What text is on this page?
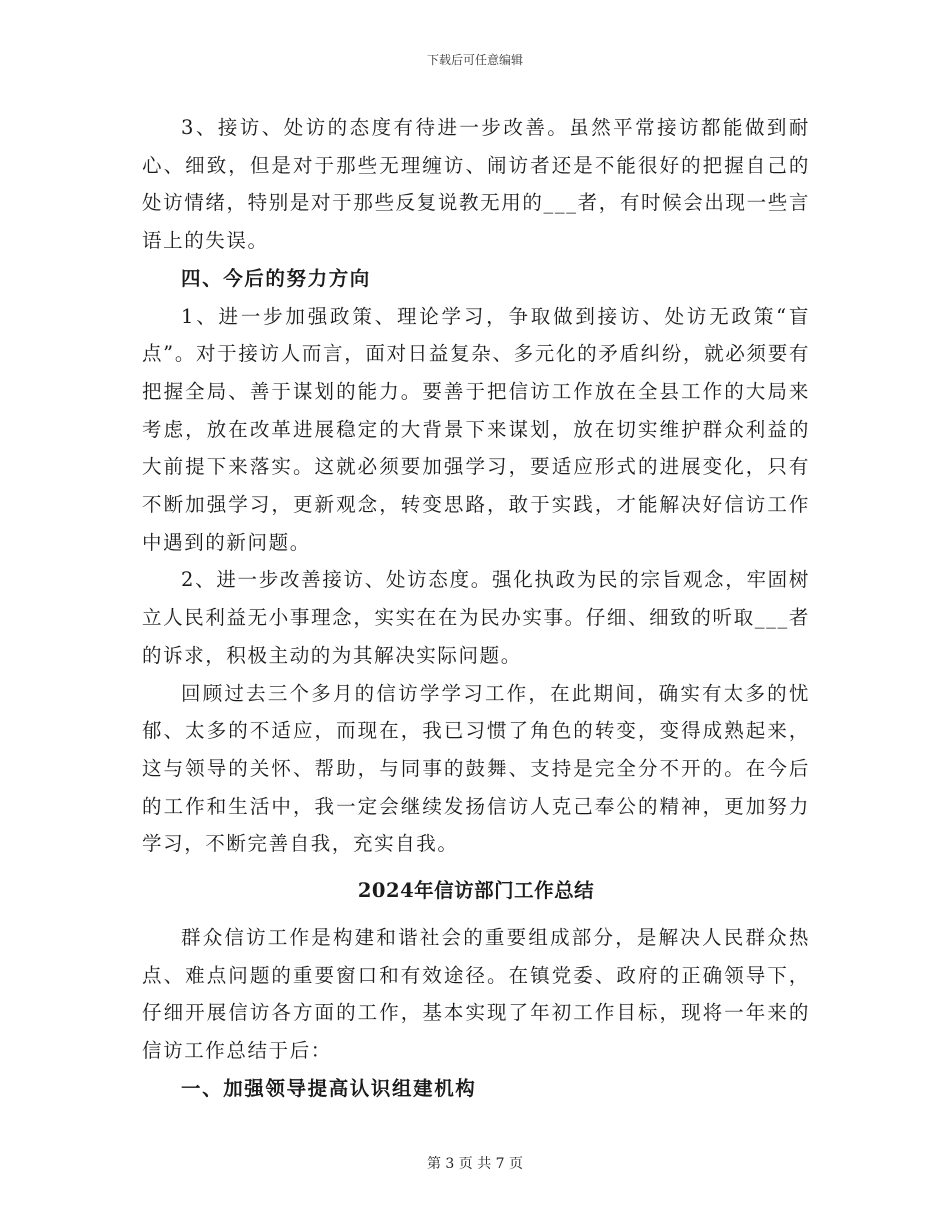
下载后可任意编辑

3、接访、处访的态度有待进一步改善。虽然平常接访都能做到耐心、细致，但是对于那些无理缠访、闹访者还是不能很好的把握自己的处访情绪，特别是对于那些反复说教无用的___者，有时候会出现一些言语上的失误。

四、今后的努力方向

1、进一步加强政策、理论学习，争取做到接访、处访无政策“盲点”。对于接访人而言，面对日益复杂、多元化的矛盾纠纷，就必须要有把握全局、善于谋划的能力。要善于把信访工作放在全县工作的大局来考虑，放在改革进展稳定的大背景下来谋划，放在切实维护群众利益的大前提下来落实。这就必须要加强学习，要适应形式的进展变化，只有不断加强学习，更新观念，转变思路，敢于实践，才能解决好信访工作中遇到的新问题。

2、进一步改善接访、处访态度。强化执政为民的宗旨观念，牢固树立人民利益无小事理念，实实在在为民办实事。仔细、细致的听取___者的诉求，积极主动的为其解决实际问题。

回顾过去三个多月的信访学学习工作，在此期间，确实有太多的忧郁、太多的不适应，而现在，我已习惯了角色的转变，变得成熟起来，这与领导的关怀、帮助，与同事的鼓舞、支持是完全分不开的。在今后的工作和生活中，我一定会继续发扬信访人克己奉公的精神，更加努力学习，不断完善自我，充实自我。

2024年信访部门工作总结

群众信访工作是构建和谐社会的重要组成部分，是解决人民群众热点、难点问题的重要窗口和有效途径。在镇党委、政府的正确领导下，仔细开展信访各方面的工作，基本实现了年初工作目标，现将一年来的信访工作总结于后：

一、加强领导提高认识组建机构

第 3 页 共 7 页
